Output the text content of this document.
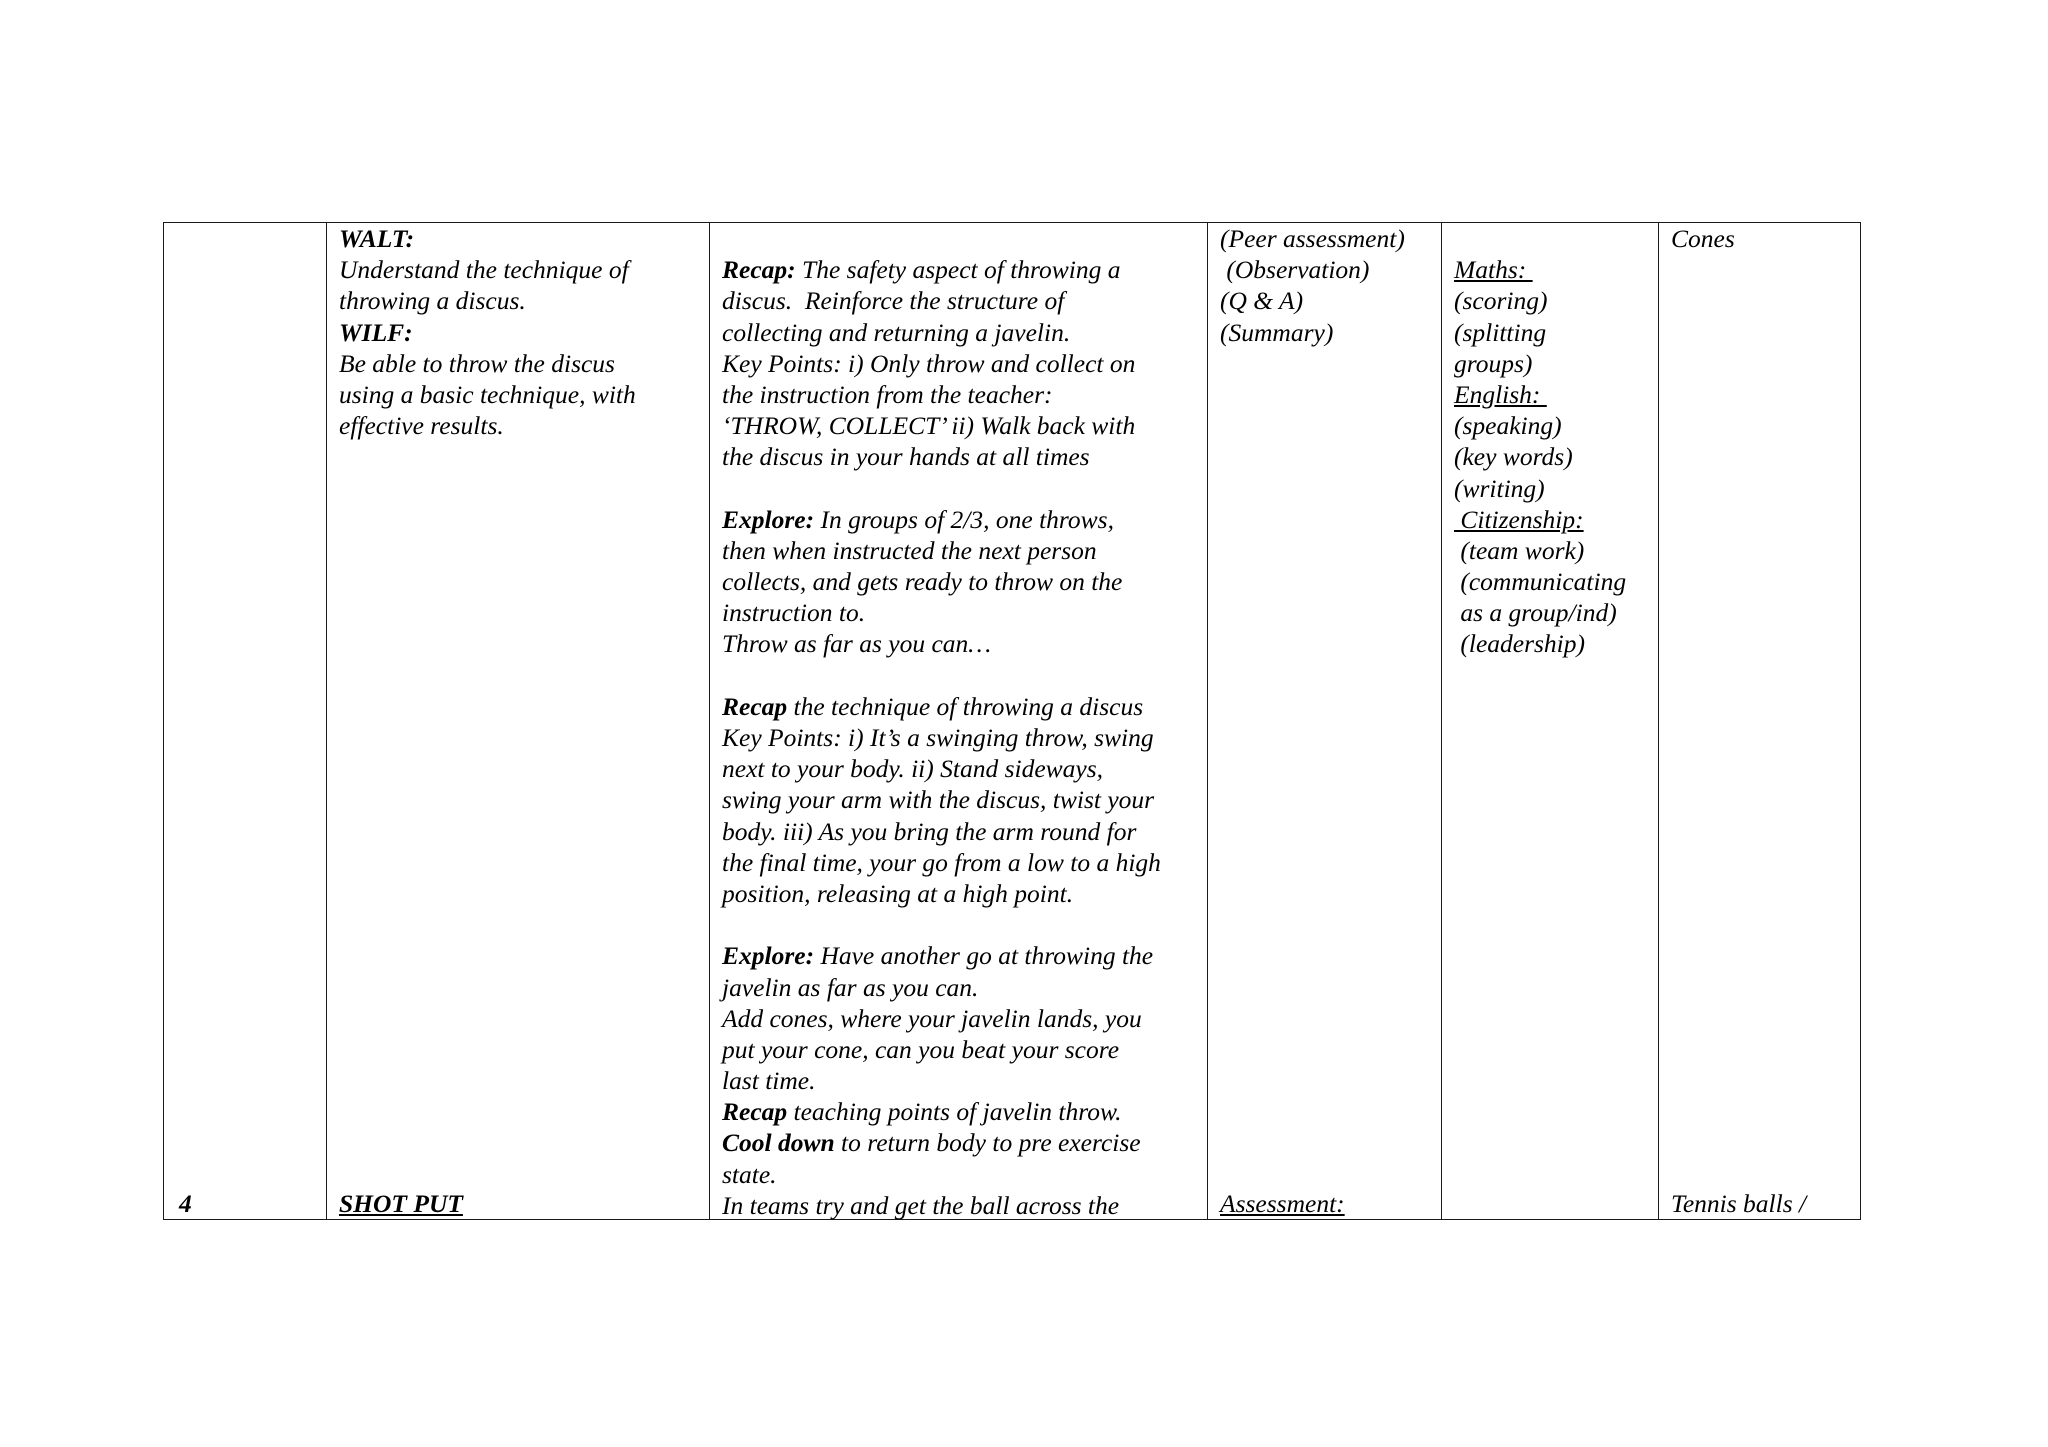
4
WALT:
Understand the technique of
throwing a discus.
WILF:
Be able to throw the discus
using a basic technique, with
effective results.
SHOT PUT
Recap: The safety aspect of throwing a
discus.  Reinforce the structure of
collecting and returning a javelin.
Key Points: i) Only throw and collect on
the instruction from the teacher:
‘THROW, COLLECT’ ii) Walk back with
the discus in your hands at all times
Explore: In groups of 2/3, one throws,
then when instructed the next person
collects, and gets ready to throw on the
instruction to.
Throw as far as you can…
Recap the technique of throwing a discus
Key Points: i) It’s a swinging throw, swing
next to your body. ii) Stand sideways,
swing your arm with the discus, twist your
body. iii) As you bring the arm round for
the final time, your go from a low to a high
position, releasing at a high point.
Explore: Have another go at throwing the
javelin as far as you can.
Add cones, where your javelin lands, you
put your cone, can you beat your score
last time.
Recap teaching points of javelin throw.
Cool down to return body to pre exercise
state.
In teams try and get the ball across the
(Peer assessment)
(Observation)
(Q & A)
(Summary)
Assessment:
Maths:
(scoring)
(splitting
groups)
English:
(speaking)
(key words)
(writing)
Citizenship:
(team work)
(communicating
as a group/ind)
(leadership)
Cones
Tennis balls /
